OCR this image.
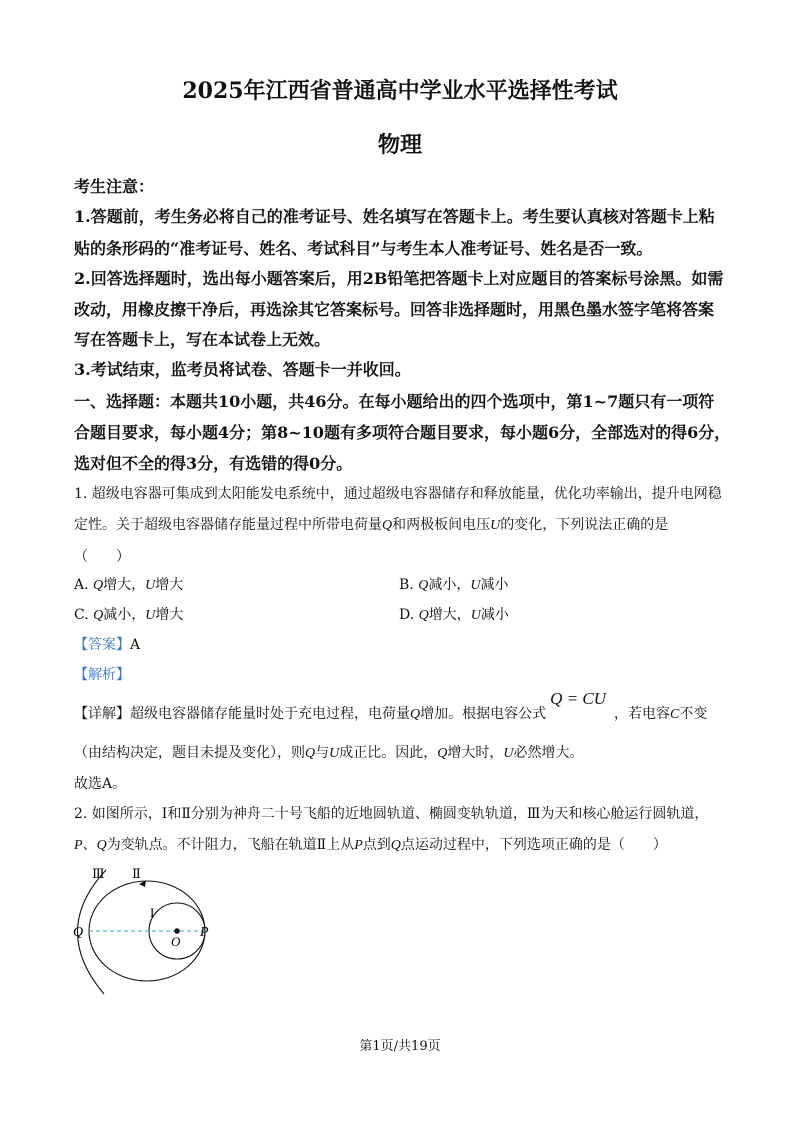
2025年江西省普通高中学业水平选择性考试
物理
考生注意：
1.答题前，考生务必将自己的准考证号、姓名填写在答题卡上。考生要认真核对答题卡上粘
贴的条形码的“准考证号、姓名、考试科目”与考生本人准考证号、姓名是否一致。
2.回答选择题时，选出每小题答案后，用2B铅笔把答题卡上对应题目的答案标号涂黑。如需
改动，用橡皮擦干净后，再选涂其它答案标号。回答非选择题时，用黑色墨水签字笔将答案
写在答题卡上，写在本试卷上无效。
3.考试结束，监考员将试卷、答题卡一并收回。
一、选择题：本题共10小题，共46分。在每小题给出的四个选项中，第1~7题只有一项符
合题目要求，每小题4分；第8~10题有多项符合题目要求，每小题6分，全部选对的得6分，
选对但不全的得3分，有选错的得0分。
1. 超级电容器可集成到太阳能发电系统中，通过超级电容器储存和释放能量，优化功率输出，提升电网稳
定性。关于超级电容器储存能量过程中所带电荷量Q和两极板间电压U的变化，下列说法正确的是
（　　）
A. Q增大，U增大	B. Q减小，U减小
C. Q减小，U增大	D. Q增大，U减小
【答案】A
【解析】
【详解】超级电容器储存能量时处于充电过程，电荷量Q增加。根据电容公式Q = CU，若电容C不变
（由结构决定，题目未提及变化），则Q与U成正比。因此，Q增大时，U必然增大。
故选A。
2. 如图所示，Ⅰ和Ⅱ分别为神舟二十号飞船的近地圆轨道、椭圆变轨轨道，Ⅲ为天和核心舱运行圆轨道，
P、Q为变轨点。不计阻力，飞船在轨道Ⅱ上从P点到Q点运动过程中，下列选项正确的是（　　）
Ⅲ Ⅱ
I
Q
O
P
第1页/共19页
